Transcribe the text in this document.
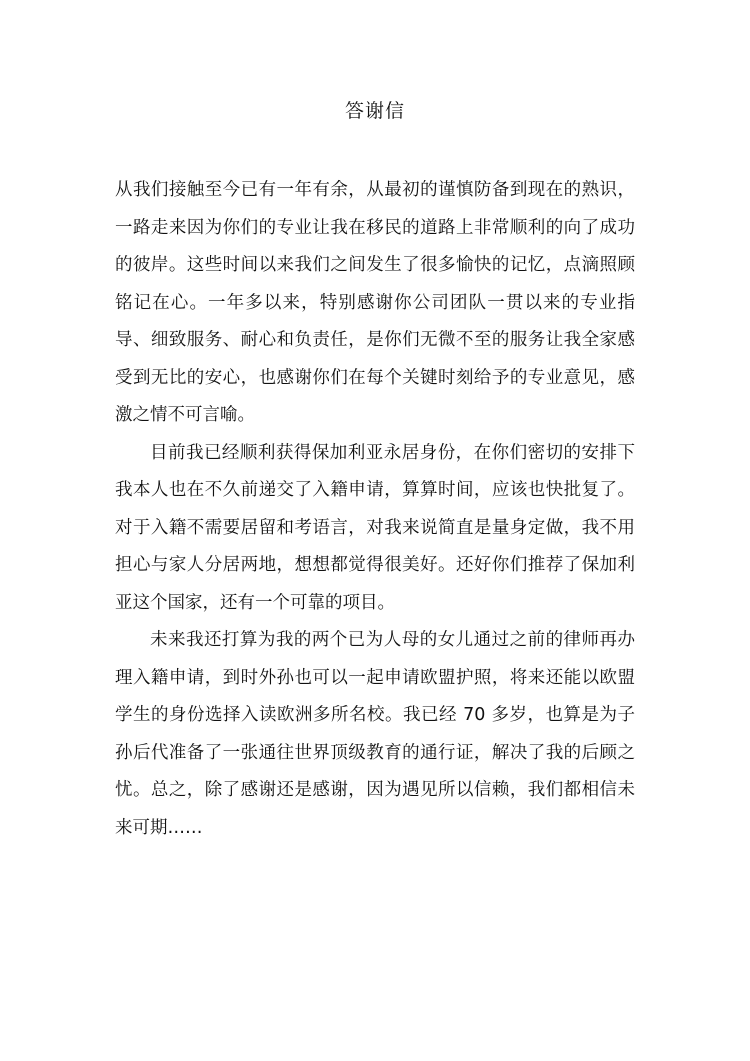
答谢信

从我们接触至今已有一年有余，从最初的谨慎防备到现在的熟识，一路走来因为你们的专业让我在移民的道路上非常顺利的向了成功的彼岸。这些时间以来我们之间发生了很多愉快的记忆，点滴照顾铭记在心。一年多以来，特别感谢你公司团队一贯以来的专业指导、细致服务、耐心和负责任，是你们无微不至的服务让我全家感受到无比的安心，也感谢你们在每个关键时刻给予的专业意见，感激之情不可言喻。

目前我已经顺利获得保加利亚永居身份，在你们密切的安排下我本人也在不久前递交了入籍申请，算算时间，应该也快批复了。对于入籍不需要居留和考语言，对我来说简直是量身定做，我不用担心与家人分居两地，想想都觉得很美好。还好你们推荐了保加利亚这个国家，还有一个可靠的项目。

未来我还打算为我的两个已为人母的女儿通过之前的律师再办理入籍申请，到时外孙也可以一起申请欧盟护照，将来还能以欧盟学生的身份选择入读欧洲多所名校。我已经 70 多岁，也算是为子孙后代准备了一张通往世界顶级教育的通行证，解决了我的后顾之忧。总之，除了感谢还是感谢，因为遇见所以信赖，我们都相信未来可期……
